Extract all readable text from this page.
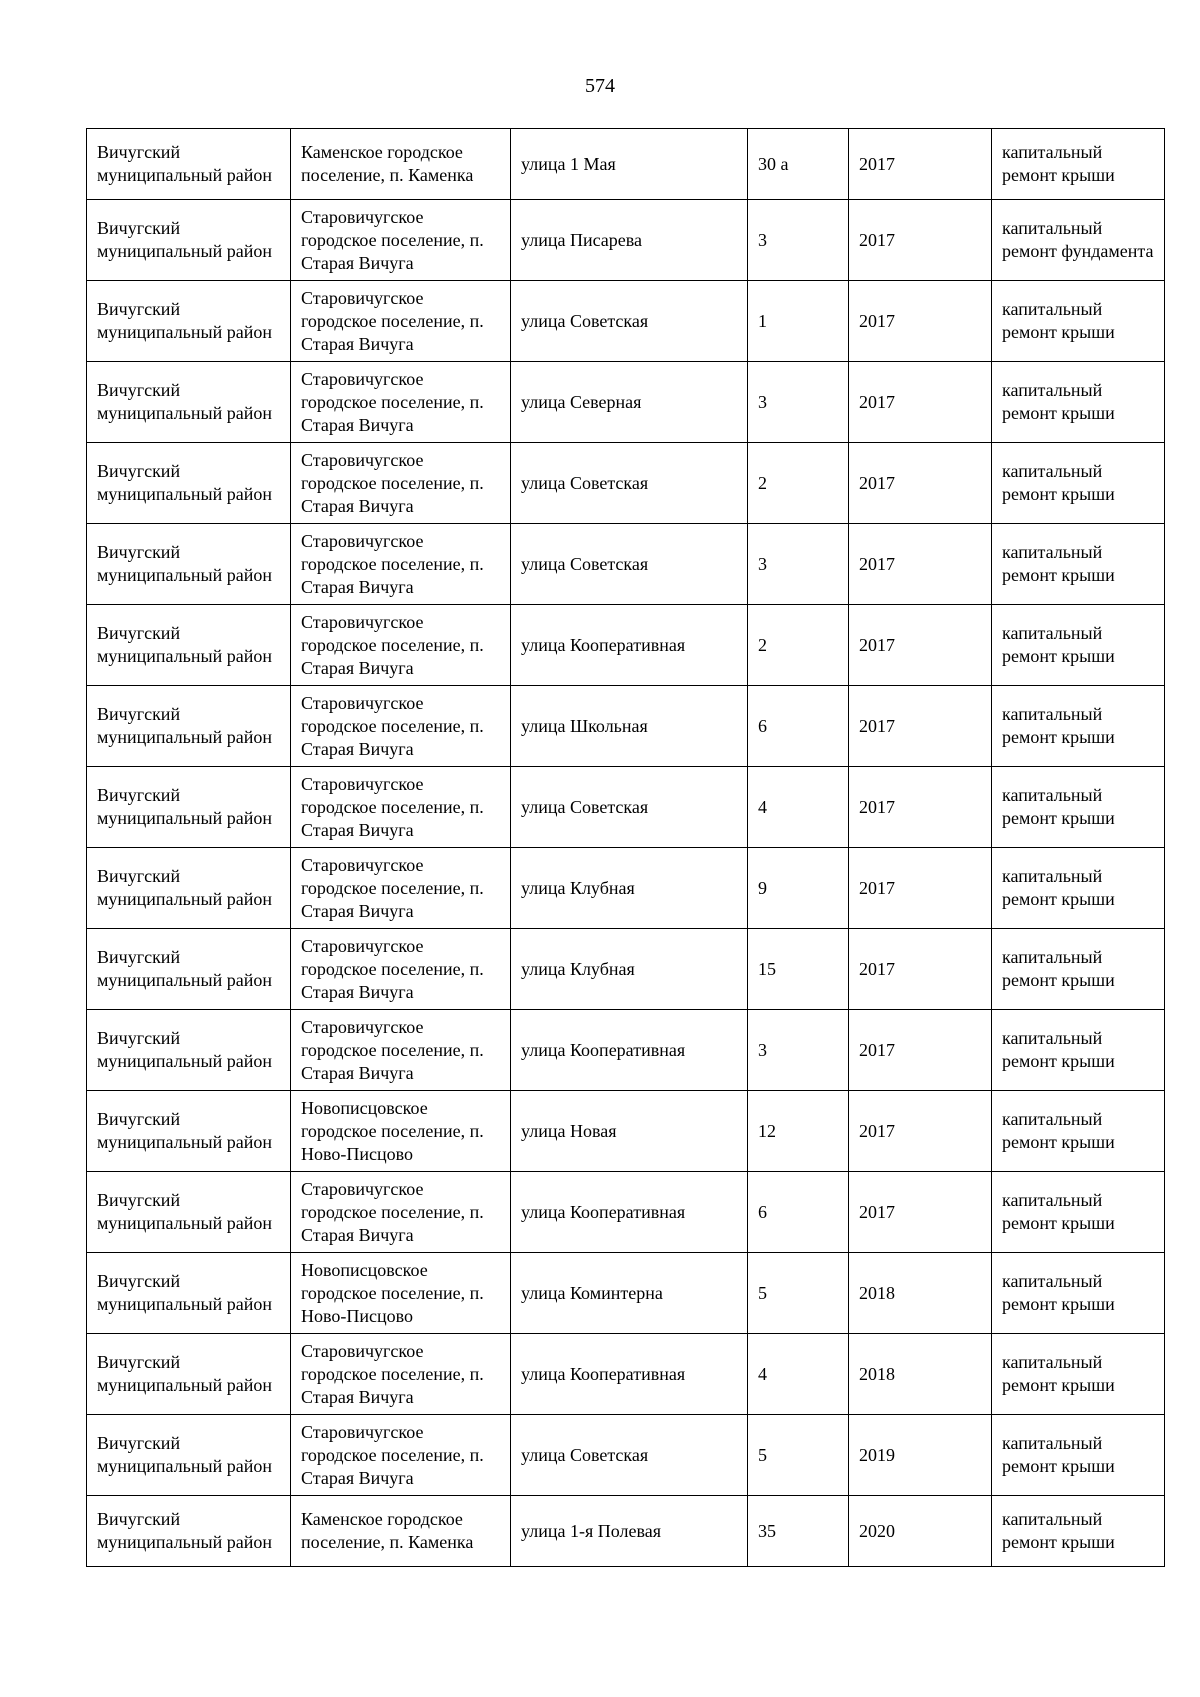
574
Вичугский муниципальный район	Каменское городское поселение, п. Каменка	улица 1 Мая	30 а	2017	капитальный ремонт крыши
Вичугский муниципальный район	Старовичугское городское поселение, п. Старая Вичуга	улица Писарева	3	2017	капитальный ремонт фундамента
Вичугский муниципальный район	Старовичугское городское поселение, п. Старая Вичуга	улица Советская	1	2017	капитальный ремонт крыши
Вичугский муниципальный район	Старовичугское городское поселение, п. Старая Вичуга	улица Северная	3	2017	капитальный ремонт крыши
Вичугский муниципальный район	Старовичугское городское поселение, п. Старая Вичуга	улица Советская	2	2017	капитальный ремонт крыши
Вичугский муниципальный район	Старовичугское городское поселение, п. Старая Вичуга	улица Советская	3	2017	капитальный ремонт крыши
Вичугский муниципальный район	Старовичугское городское поселение, п. Старая Вичуга	улица Кооперативная	2	2017	капитальный ремонт крыши
Вичугский муниципальный район	Старовичугское городское поселение, п. Старая Вичуга	улица Школьная	6	2017	капитальный ремонт крыши
Вичугский муниципальный район	Старовичугское городское поселение, п. Старая Вичуга	улица Советская	4	2017	капитальный ремонт крыши
Вичугский муниципальный район	Старовичугское городское поселение, п. Старая Вичуга	улица Клубная	9	2017	капитальный ремонт крыши
Вичугский муниципальный район	Старовичугское городское поселение, п. Старая Вичуга	улица Клубная	15	2017	капитальный ремонт крыши
Вичугский муниципальный район	Старовичугское городское поселение, п. Старая Вичуга	улица Кооперативная	3	2017	капитальный ремонт крыши
Вичугский муниципальный район	Новописцовское городское поселение, п. Ново-Писцово	улица Новая	12	2017	капитальный ремонт крыши
Вичугский муниципальный район	Старовичугское городское поселение, п. Старая Вичуга	улица Кооперативная	6	2017	капитальный ремонт крыши
Вичугский муниципальный район	Новописцовское городское поселение, п. Ново-Писцово	улица Коминтерна	5	2018	капитальный ремонт крыши
Вичугский муниципальный район	Старовичугское городское поселение, п. Старая Вичуга	улица Кооперативная	4	2018	капитальный ремонт крыши
Вичугский муниципальный район	Старовичугское городское поселение, п. Старая Вичуга	улица Советская	5	2019	капитальный ремонт крыши
Вичугский муниципальный район	Каменское городское поселение, п. Каменка	улица 1-я Полевая	35	2020	капитальный ремонт крыши
